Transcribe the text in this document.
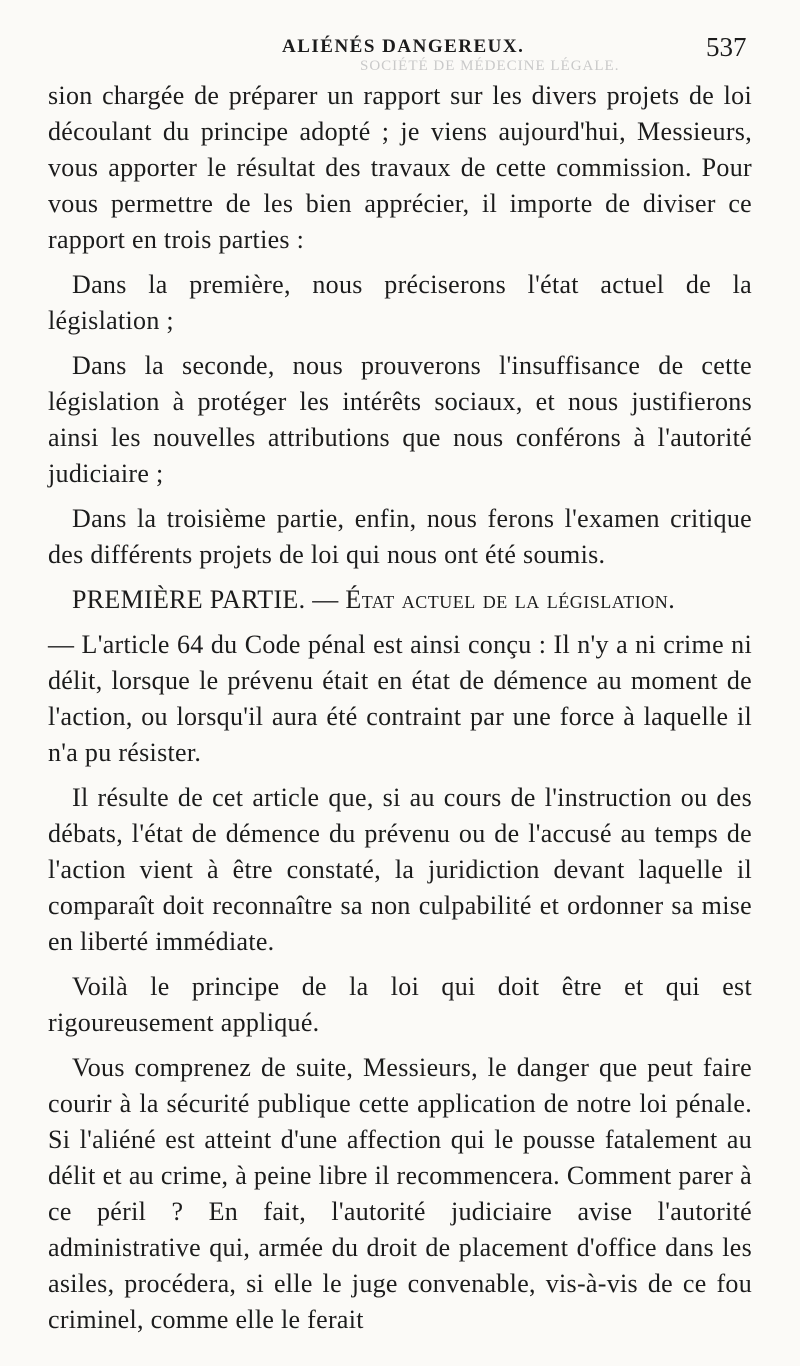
SOCIÉTÉ DE MÉDECINE LÉGALE.
ALIÉNÉS DANGEREUX.	537

sion chargée de préparer un rapport sur les divers projets de loi découlant du principe adopté ; je viens aujourd'hui, Messieurs, vous apporter le résultat des travaux de cette commission. Pour vous permettre de les bien apprécier, il importe de diviser ce rapport en trois parties :

Dans la première, nous préciserons l'état actuel de la législation ;

Dans la seconde, nous prouverons l'insuffisance de cette législation à protéger les intérêts sociaux, et nous justifierons ainsi les nouvelles attributions que nous conférons à l'autorité judiciaire ;

Dans la troisième partie, enfin, nous ferons l'examen critique des différents projets de loi qui nous ont été soumis.

PREMIÈRE PARTIE. — État actuel de la législation.

— L'article 64 du Code pénal est ainsi conçu : Il n'y a ni crime ni délit, lorsque le prévenu était en état de démence au moment de l'action, ou lorsqu'il aura été contraint par une force à laquelle il n'a pu résister.

Il résulte de cet article que, si au cours de l'instruction ou des débats, l'état de démence du prévenu ou de l'accusé au temps de l'action vient à être constaté, la juridiction devant laquelle il comparaît doit reconnaître sa non culpabilité et ordonner sa mise en liberté immédiate.

Voilà le principe de la loi qui doit être et qui est rigoureusement appliqué.

Vous comprenez de suite, Messieurs, le danger que peut faire courir à la sécurité publique cette application de notre loi pénale. Si l'aliéné est atteint d'une affection qui le pousse fatalement au délit et au crime, à peine libre il recommencera. Comment parer à ce péril ? En fait, l'autorité judiciaire avise l'autorité administrative qui, armée du droit de placement d'office dans les asiles, procédera, si elle le juge convenable, vis-à-vis de ce fou criminel, comme elle le ferait
